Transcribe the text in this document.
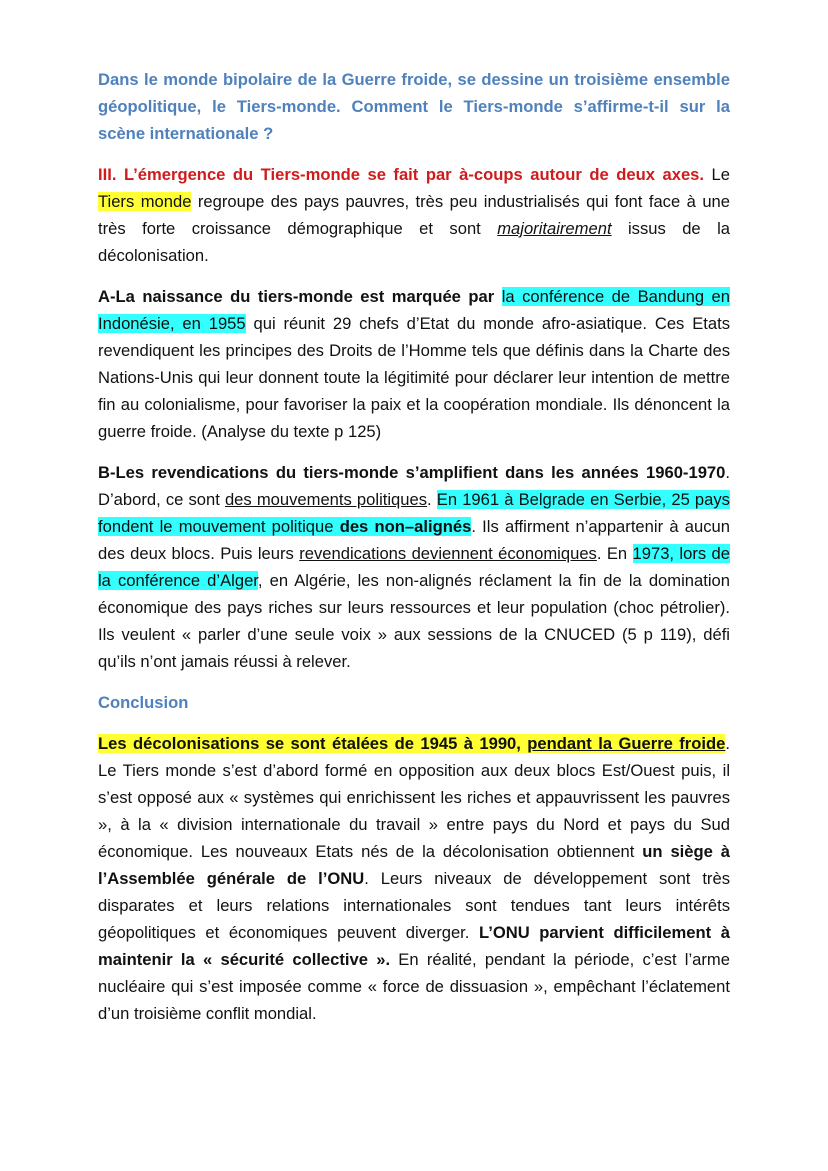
Dans le monde bipolaire de la Guerre froide, se dessine un troisième ensemble géopolitique, le Tiers-monde. Comment le Tiers-monde s’affirme-t-il sur la scène internationale ?

III. L’émergence du Tiers-monde se fait par à-coups autour de deux axes. Le Tiers monde regroupe des pays pauvres, très peu industrialisés qui font face à une très forte croissance démographique et sont majoritairement issus de la décolonisation.

A-La naissance du tiers-monde est marquée par la conférence de Bandung en Indonésie, en 1955 qui réunit 29 chefs d’Etat du monde afro-asiatique. Ces Etats revendiquent les principes des Droits de l’Homme tels que définis dans la Charte des Nations-Unis qui leur donnent toute la légitimité pour déclarer leur intention de mettre fin au colonialisme, pour favoriser la paix et la coopération mondiale. Ils dénoncent la guerre froide. (Analyse du texte p 125)

B-Les revendications du tiers-monde s’amplifient dans les années 1960-1970. D’abord, ce sont des mouvements politiques. En 1961 à Belgrade en Serbie, 25 pays fondent le mouvement politique des non–alignés. Ils affirment n’appartenir à aucun des deux blocs. Puis leurs revendications deviennent économiques. En 1973, lors de la conférence d’Alger, en Algérie, les non-alignés réclament la fin de la domination économique des pays riches sur leurs ressources et leur population (choc pétrolier). Ils veulent « parler d’une seule voix » aux sessions de la CNUCED (5 p 119), défi qu’ils n’ont jamais réussi à relever.

Conclusion

Les décolonisations se sont étalées de 1945 à 1990, pendant la Guerre froide. Le Tiers monde s’est d’abord formé en opposition aux deux blocs Est/Ouest puis, il s’est opposé aux « systèmes qui enrichissent les riches et appauvrissent les pauvres », à la « division internationale du travail » entre pays du Nord et pays du Sud économique. Les nouveaux Etats nés de la décolonisation obtiennent un siège à l’Assemblée générale de l’ONU. Leurs niveaux de développement sont très disparates et leurs relations internationales sont tendues tant leurs intérêts géopolitiques et économiques peuvent diverger. L’ONU parvient difficilement à maintenir la « sécurité collective ». En réalité, pendant la période, c’est l’arme nucléaire qui s’est imposée comme « force de dissuasion », empêchant l’éclatement d’un troisième conflit mondial.
